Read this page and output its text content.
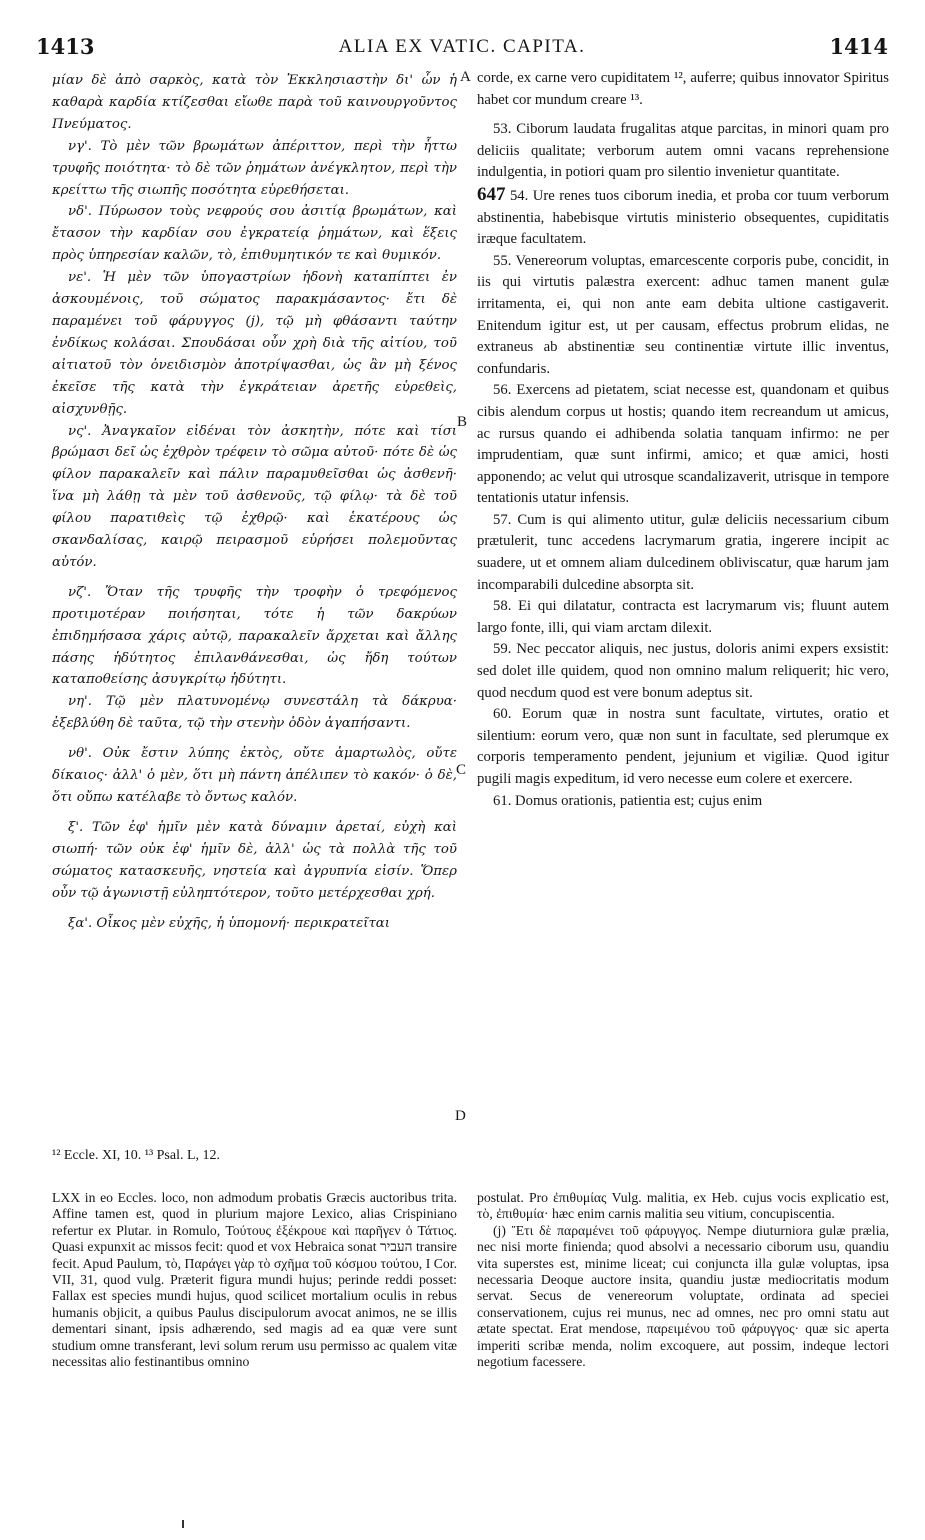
1413	ALIA EX VATIC. CAPITA.	1414

μίαν δὲ ἀπὸ σαρκὸς, κατὰ τὸν Ἐκκλησιαστὴν δι' ὧν ἡ καθαρὰ καρδία κτίζεσθαι εἴωθε παρὰ τοῦ καινουργοῦντος Πνεύματος.

νγ'. Τὸ μὲν τῶν βρωμάτων ἀπέριττον, περὶ τὴν ἧττω τρυφῆς ποιότητα· τὸ δὲ τῶν ῥημάτων ἀνέγκλητον, περὶ τὴν κρείττω τῆς σιωπῆς ποσότητα εὑρεθήσεται.

νδ'. Πύρωσον τοὺς νεφρούς σου ἀσιτίᾳ βρωμάτων, καὶ ἔτασον τὴν καρδίαν σου ἐγκρατείᾳ ῥημάτων, καὶ ἕξεις πρὸς ὑπηρεσίαν καλῶν, τὸ, ἐπιθυμητικόν τε καὶ θυμικόν.

νε'. Ἡ μὲν τῶν ὑπογαστρίων ἡδονὴ καταπίπτει ἐν ἀσκουμένοις, τοῦ σώματος παρακμάσαντος· ἔτι δὲ παραμένει τοῦ φάρυγγος (j), τῷ μὴ φθάσαντι ταύτην ἐνδίκως κολάσαι. Σπουδάσαι οὖν χρὴ διὰ τῆς αἰτίου, τοῦ αἰτιατοῦ τὸν ὀνειδισμὸν ἀποτρίψασθαι, ὡς ἂν μὴ ξένος ἐκεῖσε τῆς κατὰ τὴν ἐγκράτειαν ἀρετῆς εὑρεθεὶς, αἰσχυνθῇς.

νς'. Ἀναγκαῖον εἰδέναι τὸν ἀσκητὴν, πότε καὶ τίσι βρώμασι δεῖ ὡς ἐχθρὸν τρέφειν τὸ σῶμα αὐτοῦ· πότε δὲ ὡς φίλον παρακαλεῖν καὶ πάλιν παραμυθεῖσθαι ὡς ἀσθενῆ· ἵνα μὴ λάθῃ τὰ μὲν τοῦ ἀσθενοῦς, τῷ φίλῳ· τὰ δὲ τοῦ φίλου παρατιθεὶς τῷ ἐχθρῷ· καὶ ἑκατέρους ὡς σκανδαλίσας, καιρῷ πειρασμοῦ εὑρήσει πολεμοῦντας αὐτόν.

νζ'. Ὅταν τῆς τρυφῆς τὴν τροφὴν ὁ τρεφόμενος προτιμοτέραν ποιήσηται, τότε ἡ τῶν δακρύων ἐπιδημήσασα χάρις αὐτῷ, παρακαλεῖν ἄρχεται καὶ ἄλλης πάσης ἡδύτητος ἐπιλανθάνεσθαι, ὡς ἤδη τούτων καταποθείσης ἀσυγκρίτῳ ἡδύτητι.

νη'. Τῷ μὲν πλατυνομένῳ συνεστάλη τὰ δάκρυα· ἐξεβλύθη δὲ ταῦτα, τῷ τὴν στενὴν ὁδὸν ἀγαπήσαντι.

νθ'. Οὐκ ἔστιν λύπης ἐκτὸς, οὔτε ἁμαρτωλὸς, οὔτε δίκαιος· ἀλλ' ὁ μὲν, ὅτι μὴ πάντη ἀπέλιπεν τὸ κακόν· ὁ δὲ, ὅτι οὔπω κατέλαβε τὸ ὄντως καλόν.

ξ'. Τῶν ἐφ' ἡμῖν μὲν κατὰ δύναμιν ἀρεταί, εὐχὴ καὶ σιωπή· τῶν οὐκ ἐφ' ἡμῖν δὲ, ἀλλ' ὡς τὰ πολλὰ τῆς τοῦ σώματος κατασκευῆς, νηστεία καὶ ἀγρυπνία εἰσίν. Ὅπερ οὖν τῷ ἀγωνιστῇ εὐληπτότερον, τοῦτο μετέρχεσθαι χρή.

ξα'. Οἶκος μὲν εὐχῆς, ἡ ὑπομονή· περικρατεῖται

corde, ex carne vero cupiditatem ¹², auferre; quibus innovator Spiritus habet cor mundum creare ¹³.

53. Ciborum laudata frugalitas atque parcitas, in minori quam pro deliciis qualitate; verborum autem omni vacans reprehensione indulgentia, in potiori quam pro silentio invenietur quantitate.

647 54. Ure renes tuos ciborum inedia, et proba cor tuum verborum abstinentia, habebisque virtutis ministerio obsequentes, cupiditatis iræque facultatem.

55. Venereorum voluptas, emarcescente corporis pube, concidit, in iis qui virtutis palæstra exercent: adhuc tamen manent gulæ irritamenta, ei, qui non ante eam debita ultione castigaverit. Enitendum igitur est, ut per causam, effectus probrum elidas, ne extraneus ab abstinentiæ seu continentiæ virtute illic inventus, confundaris.

56. Exercens ad pietatem, sciat necesse est, quandonam et quibus cibis alendum corpus ut hostis; quando item recreandum ut amicus, ac rursus quando ei adhibenda solatia tanquam infirmo: ne per imprudentiam, quæ sunt infirmi, amico; et quæ amici, hosti apponendo; ac velut qui utrosque scandalizaverit, utrisque in tempore tentationis utatur infensis.

57. Cum is qui alimento utitur, gulæ deliciis necessarium cibum prætulerit, tunc accedens lacrymarum gratia, ingerere incipit ac suadere, ut et omnem aliam dulcedinem obliviscatur, quæ harum jam incomparabili dulcedine absorpta sit.

58. Ei qui dilatatur, contracta est lacrymarum vis; fluunt autem largo fonte, illi, qui viam arctam dilexit.

59. Nec peccator aliquis, nec justus, doloris animi expers exsistit: sed dolet ille quidem, quod non omnino malum reliquerit; hic vero, quod necdum quod est vere bonum adeptus sit.

60. Eorum quæ in nostra sunt facultate, virtutes, oratio et silentium: eorum vero, quæ non sunt in facultate, sed plerumque ex corporis temperamento pendent, jejunium et vigiliæ. Quod igitur pugili magis expeditum, id vero necesse eum colere et exercere.

61. Domus orationis, patientia est; cujus enim

A
B
C
D
¹² Eccle. XI, 10. ¹³ Psal. L, 12.

LXX in eo Eccles. loco, non admodum probatis Græcis auctoribus trita. Affine tamen est, quod in plurium majore Lexico, alias Crispiniano refertur ex Plutar. in Romulo, Τούτους ἐξέκρουε καὶ παρῆγεν ὁ Τάτιος. Quasi expunxit ac missos fecit: quod et vox Hebraica sonat העביר transire fecit. Apud Paulum, τὸ, Παράγει γὰρ τὸ σχῆμα τοῦ κόσμου τούτου, I Cor. VII, 31, quod vulg. Præterit figura mundi hujus; perinde reddi posset: Fallax est species mundi hujus, quod scilicet mortalium oculis in rebus humanis objicit, a quibus Paulus discipulorum avocat animos, ne se illis dementari sinant, ipsis adhærendo, sed magis ad ea quæ vere sunt studium omne transferant, levi solum rerum usu permisso ac qualem vitæ necessitas alio festinantibus omnino

postulat. Pro ἐπιθυμίας Vulg. malitia, ex Heb. cujus vocis explicatio est, τὸ, ἐπιθυμία· hæc enim carnis malitia seu vitium, concupiscentia.

(j) Ἔτι δὲ παραμένει τοῦ φάρυγγος. Nempe diuturniora gulæ prælia, nec nisi morte finienda; quod absolvi a necessario ciborum usu, quandiu vita superstes est, minime liceat; cui conjuncta illa gulæ voluptas, ipsa necessaria Deoque auctore insita, quandiu justæ mediocritatis modum servat. Secus de venereorum voluptate, ordinata ad speciei conservationem, cujus rei munus, nec ad omnes, nec pro omni statu aut ætate spectat. Erat mendose, παρειμένου τοῦ φάρυγγος· quæ sic aperta imperiti scribæ menda, nolim excoquere, aut possim, indeque lectori negotium facessere.
